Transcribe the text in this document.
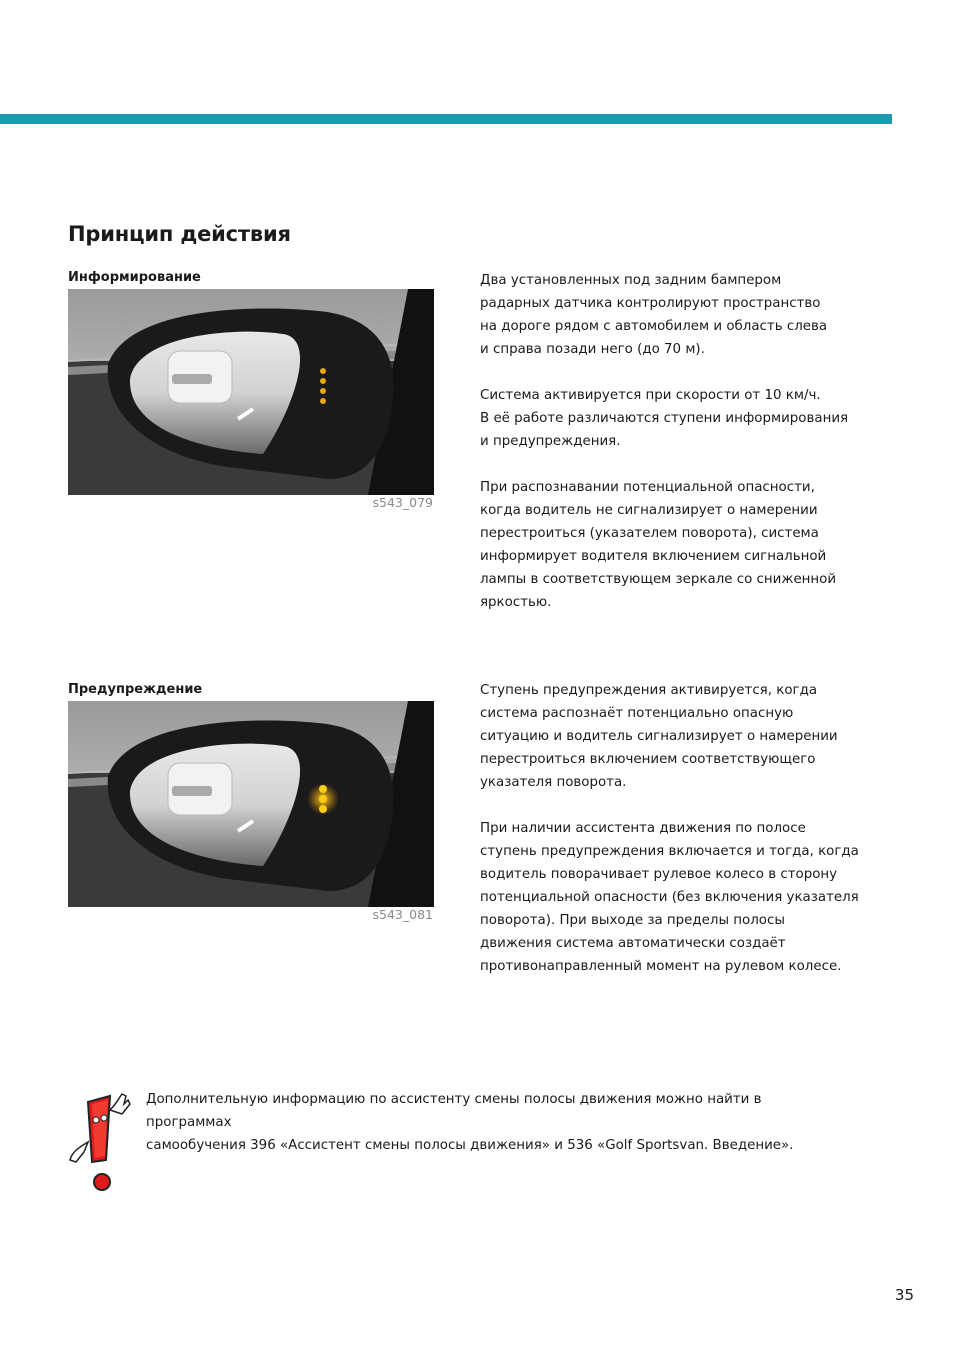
Принцип действия
Информирование
s543_079

Два установленных под задним бампером
радарных датчика контролируют пространство
на дороге рядом с автомобилем и область слева
и справа позади него (до 70 м).

Система активируется при скорости от 10 км/ч.
В её работе различаются ступени информирования
и предупреждения.

При распознавании потенциальной опасности,
когда водитель не сигнализирует о намерении
перестроиться (указателем поворота), система
информирует водителя включением сигнальной
лампы в соответствующем зеркале со сниженной
яркостью.

Предупреждение
s543_081

Ступень предупреждения активируется, когда
система распознаёт потенциально опасную
ситуацию и водитель сигнализирует о намерении
перестроиться включением соответствующего
указателя поворота.

При наличии ассистента движения по полосе
ступень предупреждения включается и тогда, когда
водитель поворачивает рулевое колесо в сторону
потенциальной опасности (без включения указателя
поворота). При выходе за пределы полосы
движения система автоматически создаёт
противонаправленный момент на рулевом колесе.

Дополнительную информацию по ассистенту смены полосы движения можно найти в программах
самообучения 396 «Ассистент смены полосы движения» и 536 «Golf Sportsvan. Введение».

35
